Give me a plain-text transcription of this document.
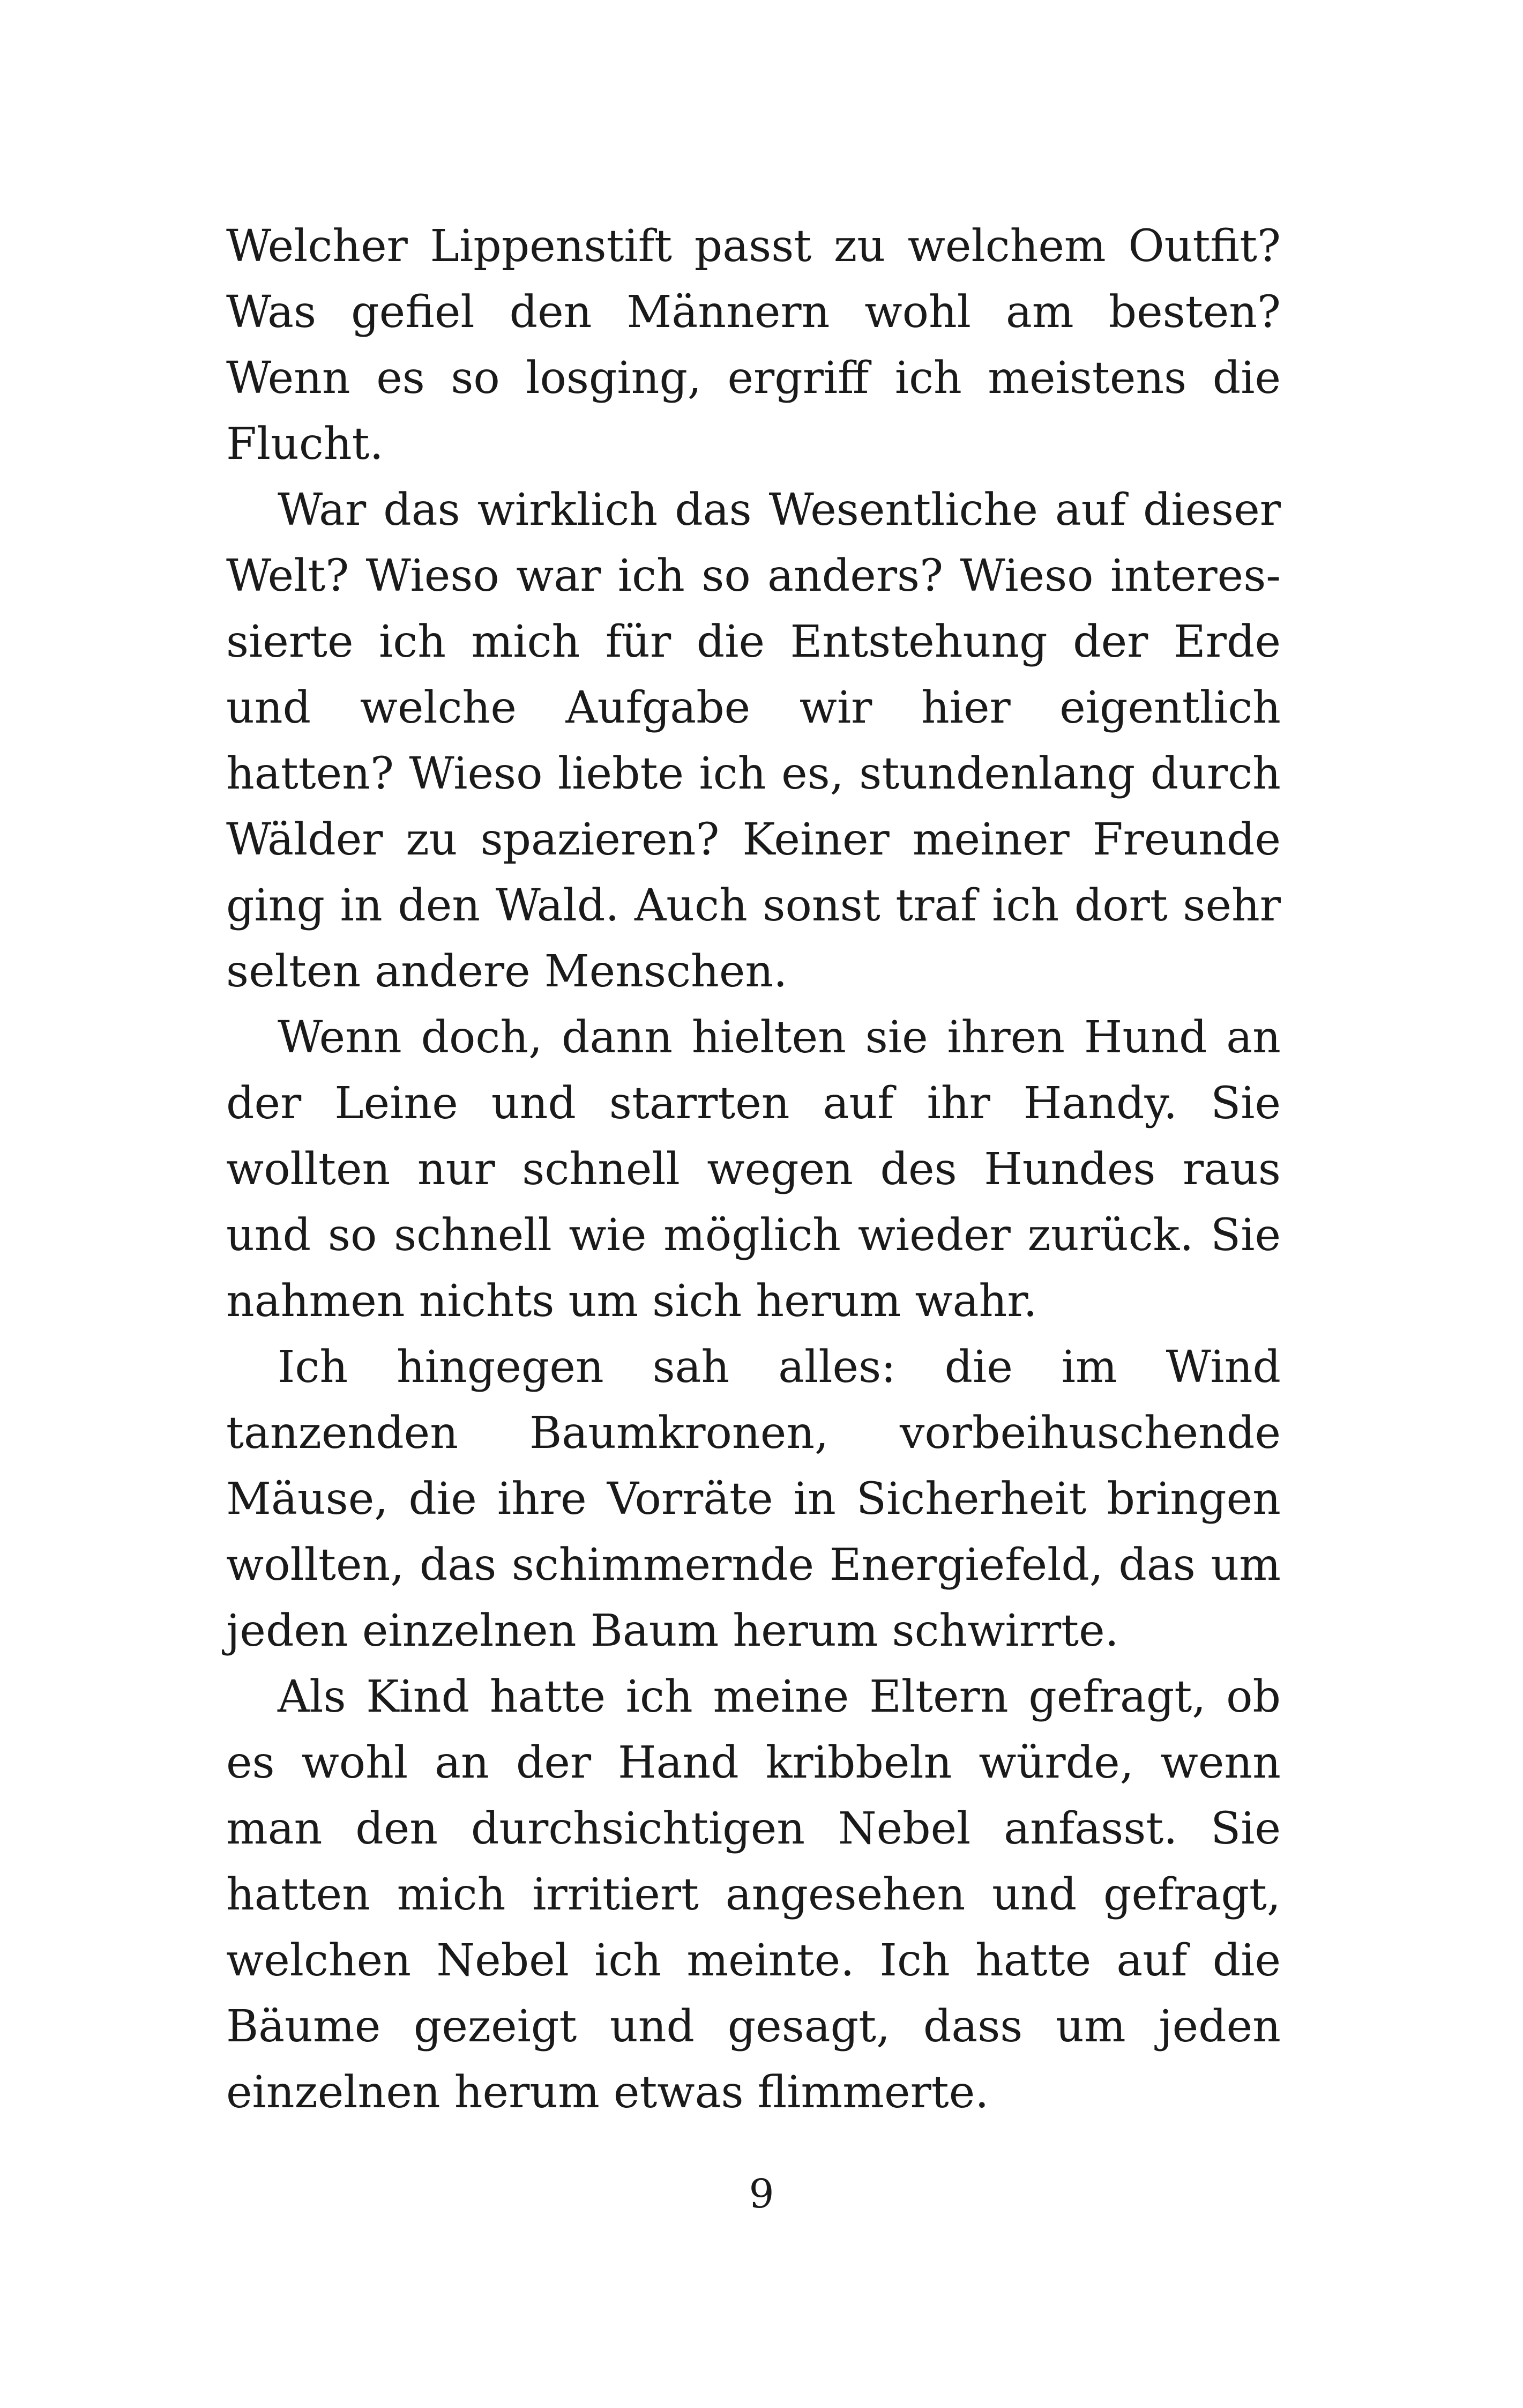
Welcher Lippenstift passt zu welchem Outfit? Was gefiel den Männern wohl am besten? Wenn es so losging, ergriff ich meistens die Flucht.

War das wirklich das Wesentliche auf dieser Welt? Wieso war ich so anders? Wieso interessierte ich mich für die Entstehung der Erde und welche Aufgabe wir hier eigentlich hatten? Wieso liebte ich es, stundenlang durch Wälder zu spazieren? Keiner meiner Freunde ging in den Wald. Auch sonst traf ich dort sehr selten andere Menschen.

Wenn doch, dann hielten sie ihren Hund an der Leine und starrten auf ihr Handy. Sie wollten nur schnell wegen des Hundes raus und so schnell wie möglich wieder zurück. Sie nahmen nichts um sich herum wahr.

Ich hingegen sah alles: die im Wind tanzenden Baumkronen, vorbeihuschende Mäuse, die ihre Vorräte in Sicherheit bringen wollten, das schimmernde Energiefeld, das um jeden einzelnen Baum herum schwirrte.

Als Kind hatte ich meine Eltern gefragt, ob es wohl an der Hand kribbeln würde, wenn man den durchsichtigen Nebel anfasst. Sie hatten mich irritiert angesehen und gefragt, welchen Nebel ich meinte. Ich hatte auf die Bäume gezeigt und gesagt, dass um jeden einzelnen herum etwas flimmerte.

9
